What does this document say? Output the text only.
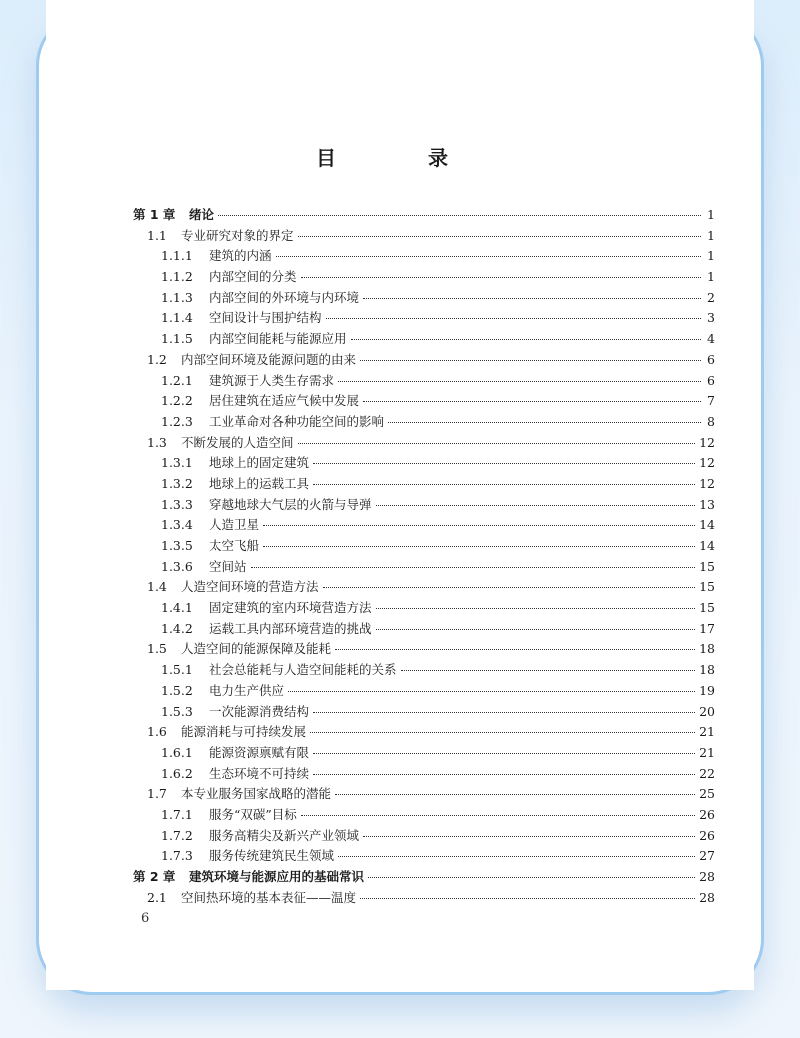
目　录
第 1 章	绪论	1
1.1	专业研究对象的界定	1
1.1.1	建筑的内涵	1
1.1.2	内部空间的分类	1
1.1.3	内部空间的外环境与内环境	2
1.1.4	空间设计与围护结构	3
1.1.5	内部空间能耗与能源应用	4
1.2	内部空间环境及能源问题的由来	6
1.2.1	建筑源于人类生存需求	6
1.2.2	居住建筑在适应气候中发展	7
1.2.3	工业革命对各种功能空间的影响	8
1.3	不断发展的人造空间	12
1.3.1	地球上的固定建筑	12
1.3.2	地球上的运载工具	12
1.3.3	穿越地球大气层的火箭与导弹	13
1.3.4	人造卫星	14
1.3.5	太空飞船	14
1.3.6	空间站	15
1.4	人造空间环境的营造方法	15
1.4.1	固定建筑的室内环境营造方法	15
1.4.2	运载工具内部环境营造的挑战	17
1.5	人造空间的能源保障及能耗	18
1.5.1	社会总能耗与人造空间能耗的关系	18
1.5.2	电力生产供应	19
1.5.3	一次能源消费结构	20
1.6	能源消耗与可持续发展	21
1.6.1	能源资源禀赋有限	21
1.6.2	生态环境不可持续	22
1.7	本专业服务国家战略的潜能	25
1.7.1	服务“双碳”目标	26
1.7.2	服务高精尖及新兴产业领域	26
1.7.3	服务传统建筑民生领域	27
第 2 章	建筑环境与能源应用的基础常识	28
2.1	空间热环境的基本表征——温度	28
6
